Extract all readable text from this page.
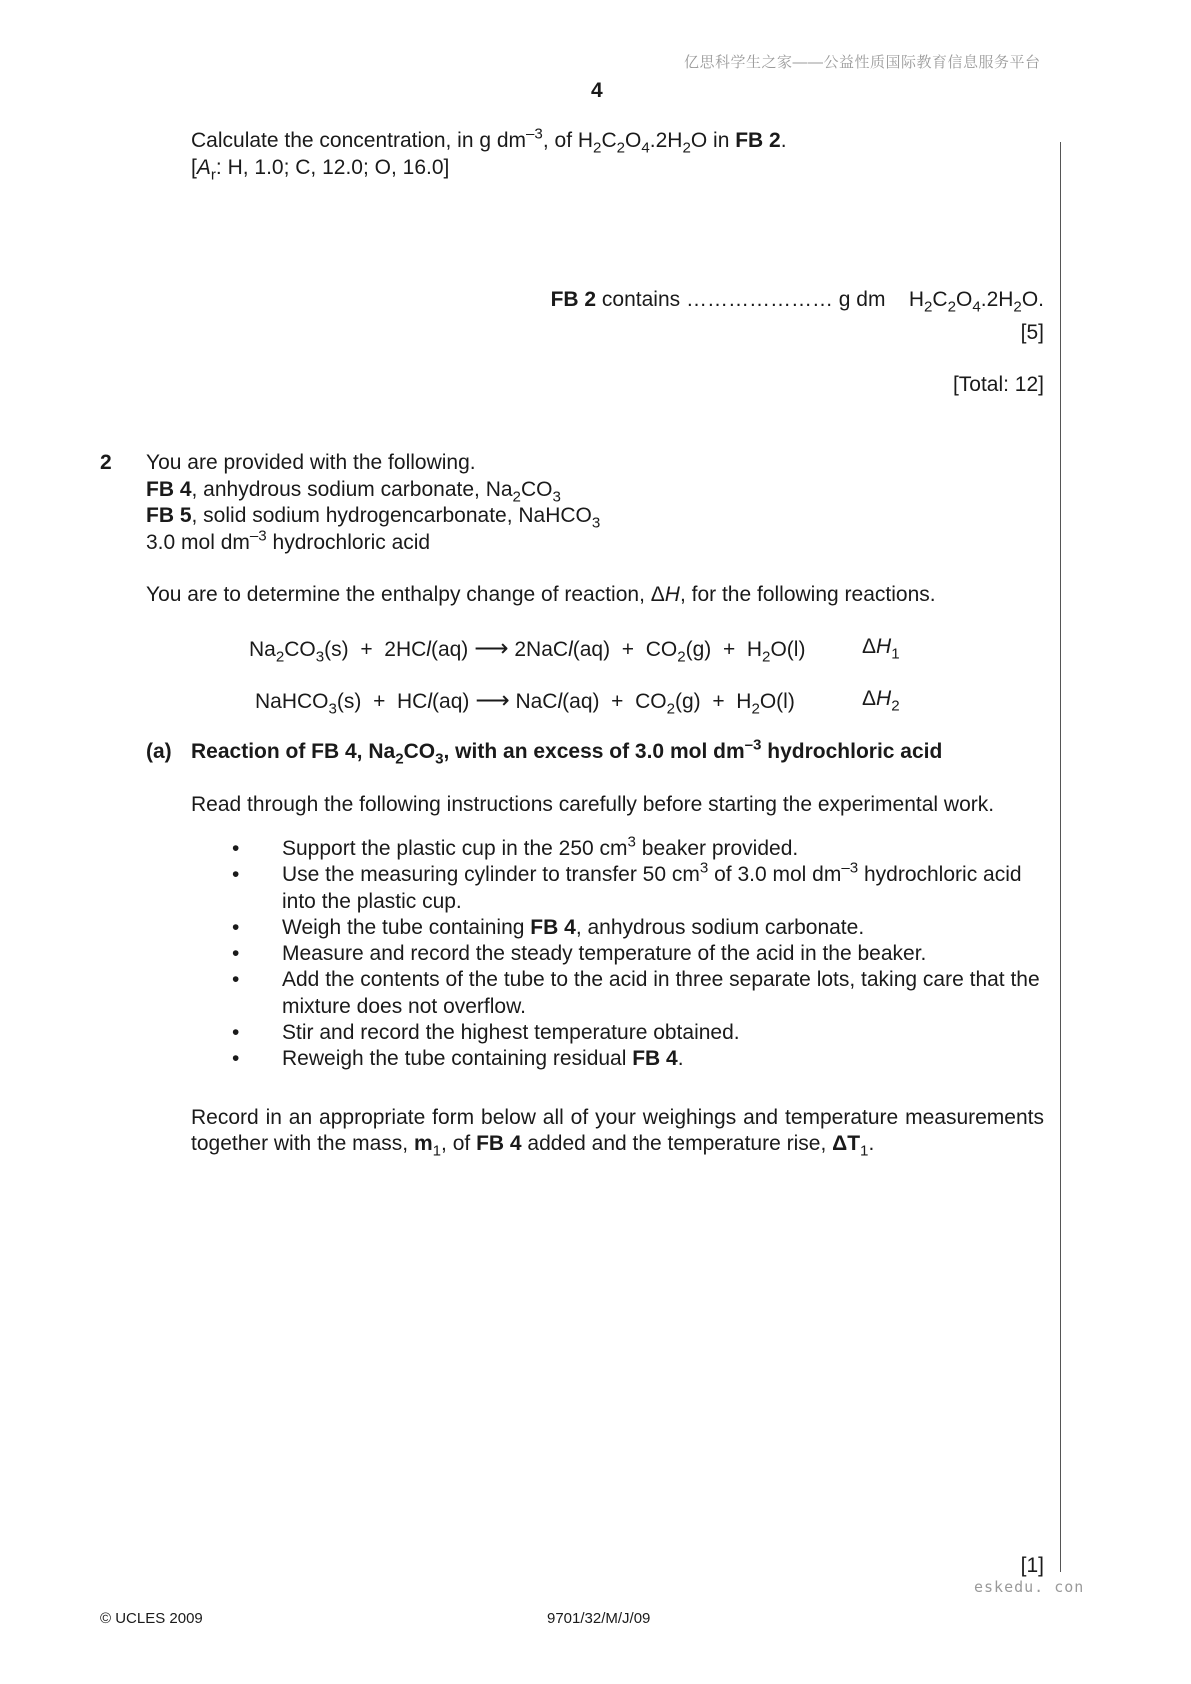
亿思科学生之家——公益性质国际教育信息服务平台
4
Calculate the concentration, in g $dm^{-3}$, of $H_2C_2O_4.2H_2O$ in FB 2.
[$A_r$: H, 1.0; C, 12.0; O, 16.0]
FB 2 contains ………………… g dm    $H_2C_2O_4.2H_2O$.
[5]
[Total: 12]
2 You are provided with the following.
FB 4, anhydrous sodium carbonate, $Na_2CO_3$
FB 5, solid sodium hydrogencarbonate, NaHCO$_3$
3.0 mol $dm^{-3}$ hydrochloric acid
You are to determine the enthalpy change of reaction, ΔH, for the following reactions.
$Na_2CO_3(s) + 2HCl(aq)$ ⟶ 2NaCl(aq)  +  $CO_2(g) + H_2O(l)$	$\Delta H_1$
NaHCO$_3$(s)  +  HCl(aq) ⟶ NaCl(aq)  +  $CO_2(g) + H_2O(l)$	$\Delta H_2$
(a) Reaction of FB 4, $Na_2CO_3$, with an excess of 3.0 mol $dm^{-3}$ hydrochloric acid
Read through the following instructions carefully before starting the experimental work.
• Support the plastic cup in the 250 $cm^3$ beaker provided.
• Use the measuring cylinder to transfer 50 $cm^3$ of 3.0 mol $dm^{-3}$ hydrochloric acid into the plastic cup.
• Weigh the tube containing FB 4, anhydrous sodium carbonate.
• Measure and record the steady temperature of the acid in the beaker.
• Add the contents of the tube to the acid in three separate lots, taking care that the mixture does not overflow.
• Stir and record the highest temperature obtained.
• Reweigh the tube containing residual FB 4.
Record in an appropriate form below all of your weighings and temperature measurements together with the mass, $m_1$, of FB 4 added and the temperature rise, $\Delta T_1$.
[1]
eskedu. con
© UCLES 2009	9701/32/M/J/09
